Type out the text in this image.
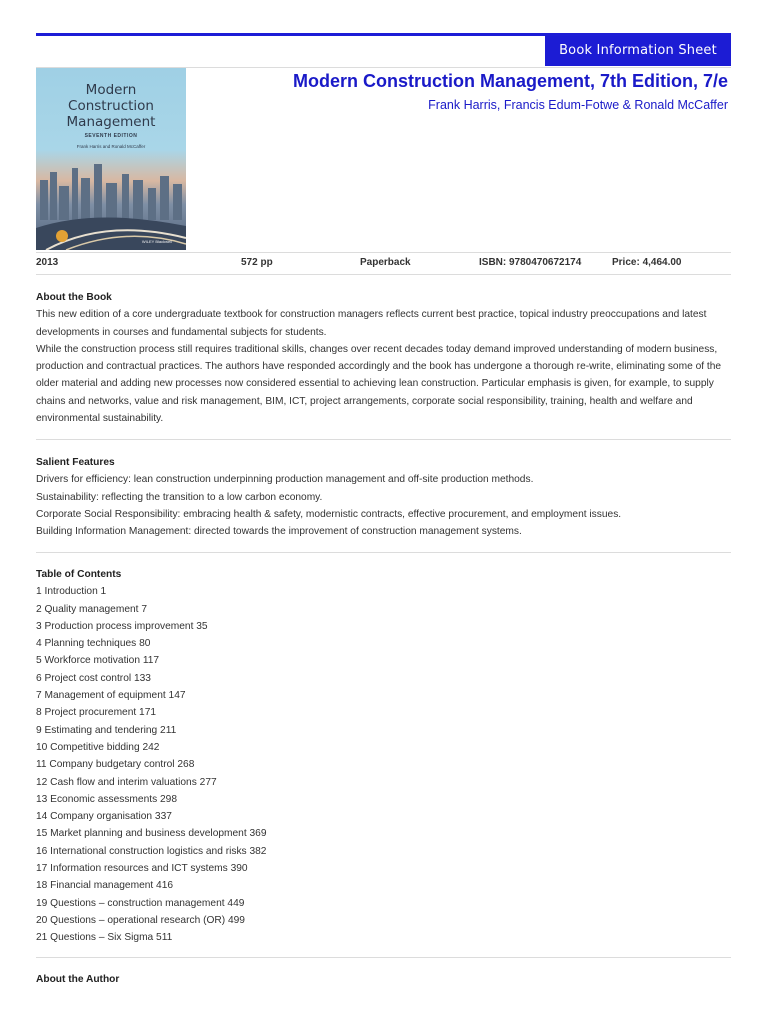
Book Information Sheet
Modern
Construction
Management
SEVENTH EDITION
Frank Harris and Ronald McCaffer
WILEY Blackwell
Modern Construction Management, 7th Edition, 7/e
Frank Harris, Francis Edum-Fotwe & Ronald McCaffer
2013	572 pp	Paperback	ISBN: 9780470672174	Price: 4,464.00
About the Book

This new edition of a core undergraduate textbook for construction managers reflects current best practice, topical industry preoccupations and latest developments in courses and fundamental subjects for students.

While the construction process still requires traditional skills, changes over recent decades today demand improved understanding of modern business, production and contractual practices. The authors have responded accordingly and the book has undergone a thorough re-write, eliminating some of the older material and adding new processes now considered essential to achieving lean construction. Particular emphasis is given, for example, to supply chains and networks, value and risk management, BIM, ICT, project arrangements, corporate social responsibility, training, health and welfare and environmental sustainability.

Salient Features

Drivers for efficiency: lean construction underpinning production management and off-site production methods.

Sustainability: reflecting the transition to a low carbon economy.

Corporate Social Responsibility: embracing health & safety, modernistic contracts, effective procurement, and employment issues.

Building Information Management: directed towards the improvement of construction management systems.

Table of Contents

1 Introduction 1

2 Quality management 7

3 Production process improvement 35

4 Planning techniques 80

5 Workforce motivation 117

6 Project cost control 133

7 Management of equipment 147

8 Project procurement 171

9 Estimating and tendering 211

10 Competitive bidding 242

11 Company budgetary control 268

12 Cash flow and interim valuations 277

13 Economic assessments 298

14 Company organisation 337

15 Market planning and business development 369

16 International construction logistics and risks 382

17 Information resources and ICT systems 390

18 Financial management 416

19 Questions – construction management 449

20 Questions – operational research (OR) 499

21 Questions – Six Sigma 511

About the Author
